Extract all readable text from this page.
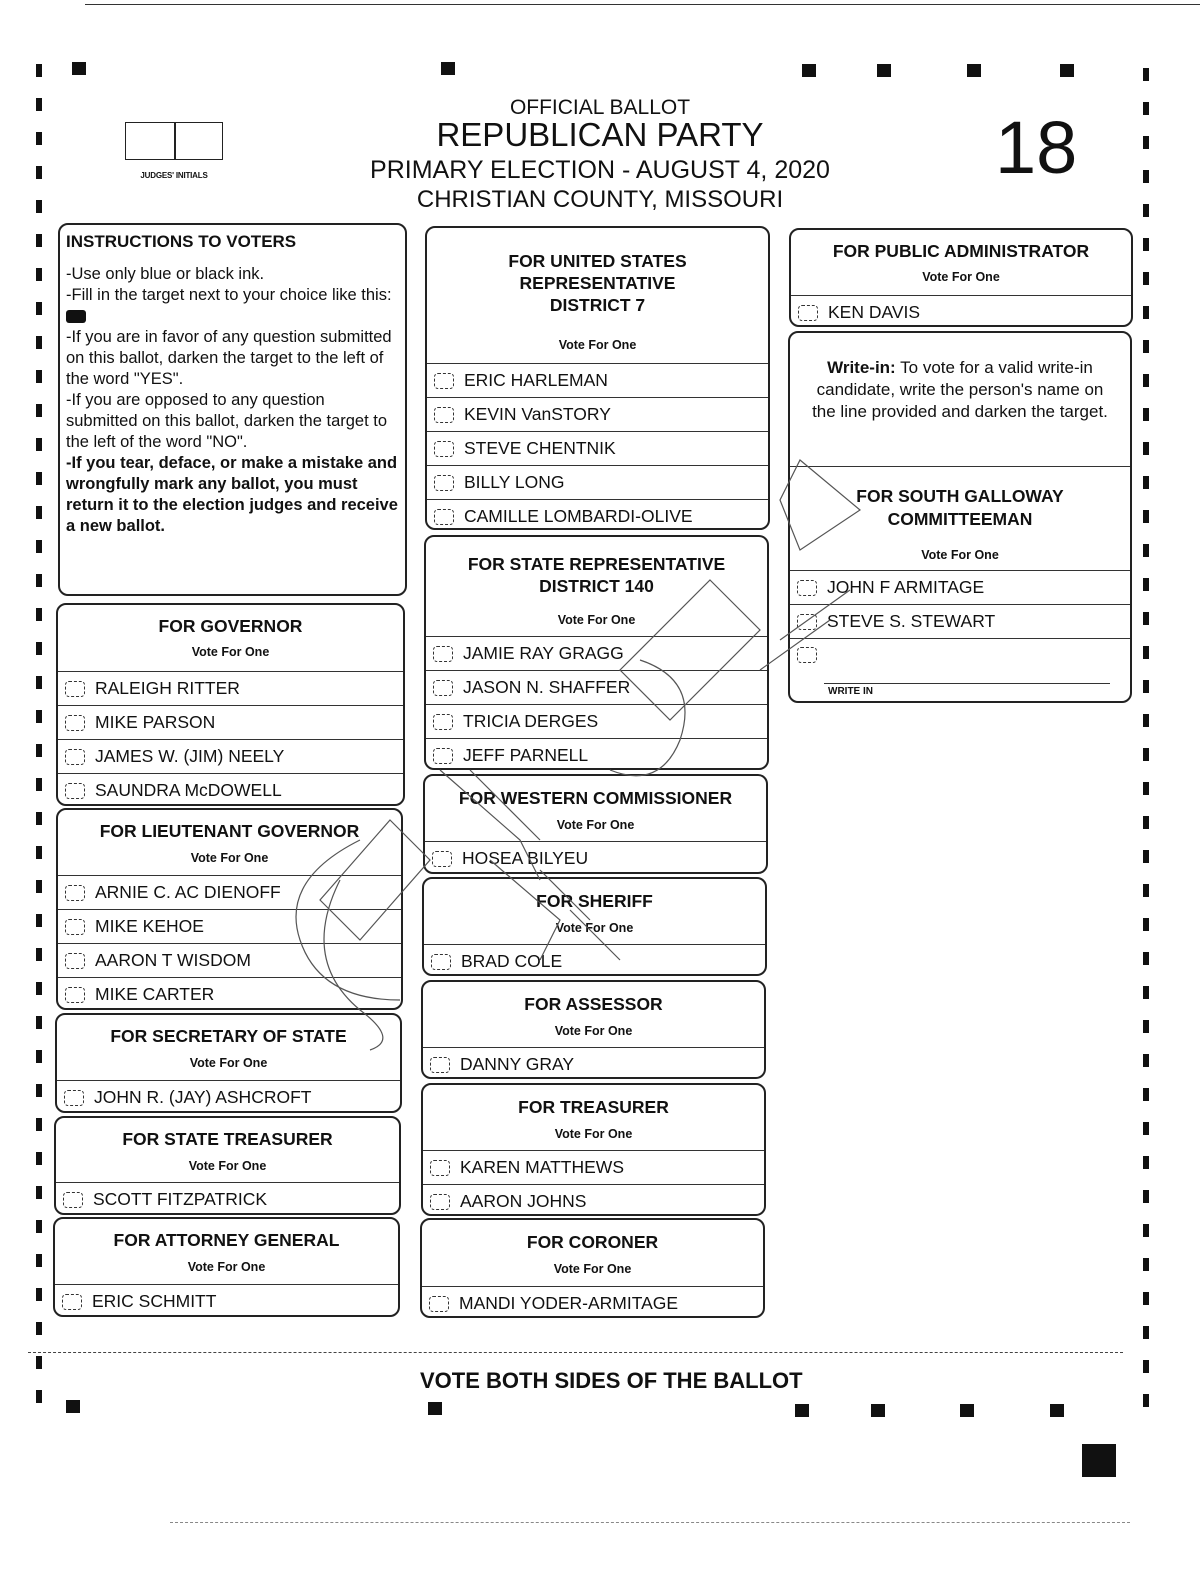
JUDGES' INITIALS
OFFICIAL BALLOT
REPUBLICAN PARTY
PRIMARY ELECTION - AUGUST 4, 2020
CHRISTIAN COUNTY, MISSOURI
18

INSTRUCTIONS TO VOTERS

-Use only blue or black ink.

-Fill in the target next to your choice like this:

-If you are in favor of any question submitted on this ballot, darken the target to the left of the word "YES".

-If you are opposed to any question submitted on this ballot, darken the target to the left of the word "NO".

-If you tear, deface, or make a mistake and wrongfully mark any ballot, you must return it to the election judges and receive a new ballot.

FOR GOVERNOR
Vote For One
RALEIGH RITTER
MIKE PARSON
JAMES W. (JIM) NEELY
SAUNDRA McDOWELL
FOR LIEUTENANT GOVERNOR
Vote For One
ARNIE C. AC DIENOFF
MIKE KEHOE
AARON T WISDOM
MIKE CARTER
FOR SECRETARY OF STATE
Vote For One
JOHN R. (JAY) ASHCROFT
FOR STATE TREASURER
Vote For One
SCOTT FITZPATRICK
FOR ATTORNEY GENERAL
Vote For One
ERIC SCHMITT
FOR UNITED STATES
REPRESENTATIVE
DISTRICT 7
Vote For One
ERIC HARLEMAN
KEVIN VanSTORY
STEVE CHENTNIK
BILLY LONG
CAMILLE LOMBARDI-OLIVE
FOR STATE REPRESENTATIVE
DISTRICT 140
Vote For One
JAMIE RAY GRAGG
JASON N. SHAFFER
TRICIA DERGES
JEFF PARNELL
FOR WESTERN COMMISSIONER
Vote For One
HOSEA BILYEU
FOR SHERIFF
Vote For One
BRAD COLE
FOR ASSESSOR
Vote For One
DANNY GRAY
FOR TREASURER
Vote For One
KAREN MATTHEWS
AARON JOHNS
FOR CORONER
Vote For One
MANDI YODER-ARMITAGE
FOR PUBLIC ADMINISTRATOR
Vote For One
KEN DAVIS
Write-in: To vote for a valid write-in candidate, write the person's name on the line provided and darken the target.
FOR SOUTH GALLOWAY
COMMITTEEMAN
Vote For One
JOHN F ARMITAGE
STEVE S. STEWART
WRITE IN
VOTE BOTH SIDES OF THE BALLOT
